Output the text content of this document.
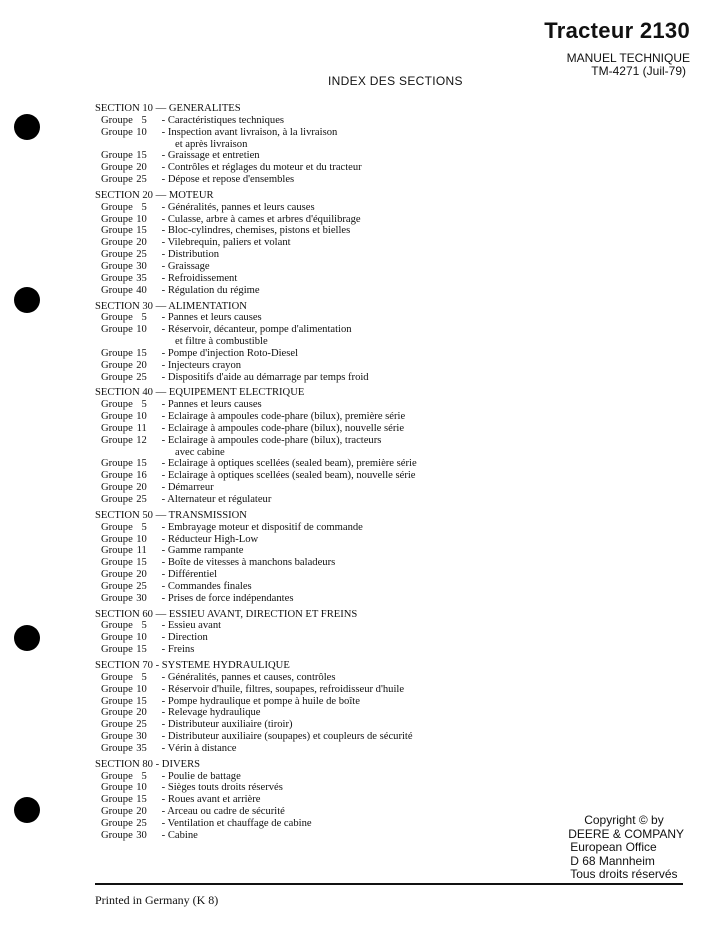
Tracteur 2130
MANUEL TECHNIQUE
TM-4271 (Juil-79)
INDEX DES SECTIONS
SECTION 10 — GENERALITES
Groupe 5 - Caractéristiques techniques
Groupe 10 - Inspection avant livraison, à la livraison
et après livraison
Groupe 15 - Graissage et entretien
Groupe 20 - Contrôles et réglages du moteur et du tracteur
Groupe 25 - Dépose et repose d'ensembles
SECTION 20 — MOTEUR
Groupe 5 - Généralités, pannes et leurs causes
Groupe 10 - Culasse, arbre à cames et arbres d'équilibrage
Groupe 15 - Bloc-cylindres, chemises, pistons et bielles
Groupe 20 - Vilebrequin, paliers et volant
Groupe 25 - Distribution
Groupe 30 - Graissage
Groupe 35 - Refroidissement
Groupe 40 - Régulation du régime
SECTION 30 — ALIMENTATION
Groupe 5 - Pannes et leurs causes
Groupe 10 - Réservoir, décanteur, pompe d'alimentation
et filtre à combustible
Groupe 15 - Pompe d'injection Roto-Diesel
Groupe 20 - Injecteurs crayon
Groupe 25 - Dispositifs d'aide au démarrage par temps froid
SECTION 40 — EQUIPEMENT ELECTRIQUE
Groupe 5 - Pannes et leurs causes
Groupe 10 - Eclairage à ampoules code-phare (bilux), première série
Groupe 11 - Eclairage à ampoules code-phare (bilux), nouvelle série
Groupe 12 - Eclairage à ampoules code-phare (bilux), tracteurs
avec cabine
Groupe 15 - Eclairage à optiques scellées (sealed beam), première série
Groupe 16 - Eclairage à optiques scellées (sealed beam), nouvelle série
Groupe 20 - Démarreur
Groupe 25 - Alternateur et régulateur
SECTION 50 — TRANSMISSION
Groupe 5 - Embrayage moteur et dispositif de commande
Groupe 10 - Réducteur High-Low
Groupe 11 - Gamme rampante
Groupe 15 - Boîte de vitesses à manchons baladeurs
Groupe 20 - Différentiel
Groupe 25 - Commandes finales
Groupe 30 - Prises de force indépendantes
SECTION 60 — ESSIEU AVANT, DIRECTION ET FREINS
Groupe 5 - Essieu avant
Groupe 10 - Direction
Groupe 15 - Freins
SECTION 70 - SYSTEME HYDRAULIQUE
Groupe 5 - Généralités, pannes et causes, contrôles
Groupe 10 - Réservoir d'huile, filtres, soupapes, refroidisseur d'huile
Groupe 15 - Pompe hydraulique et pompe à huile de boîte
Groupe 20 - Relevage hydraulique
Groupe 25 - Distributeur auxiliaire (tiroir)
Groupe 30 - Distributeur auxiliaire (soupapes) et coupleurs de sécurité
Groupe 35 - Vérin à distance
SECTION 80 - DIVERS
Groupe 5 - Poulie de battage
Groupe 10 - Sièges touts droits réservés
Groupe 15 - Roues avant et arrière
Groupe 20 - Arceau ou cadre de sécurité
Groupe 25 - Ventilation et chauffage de cabine
Groupe 30 - Cabine
Copyright © by
DEERE & COMPANY
European Office
D 68 Mannheim
Tous droits réservés
Printed in Germany (K 8)
